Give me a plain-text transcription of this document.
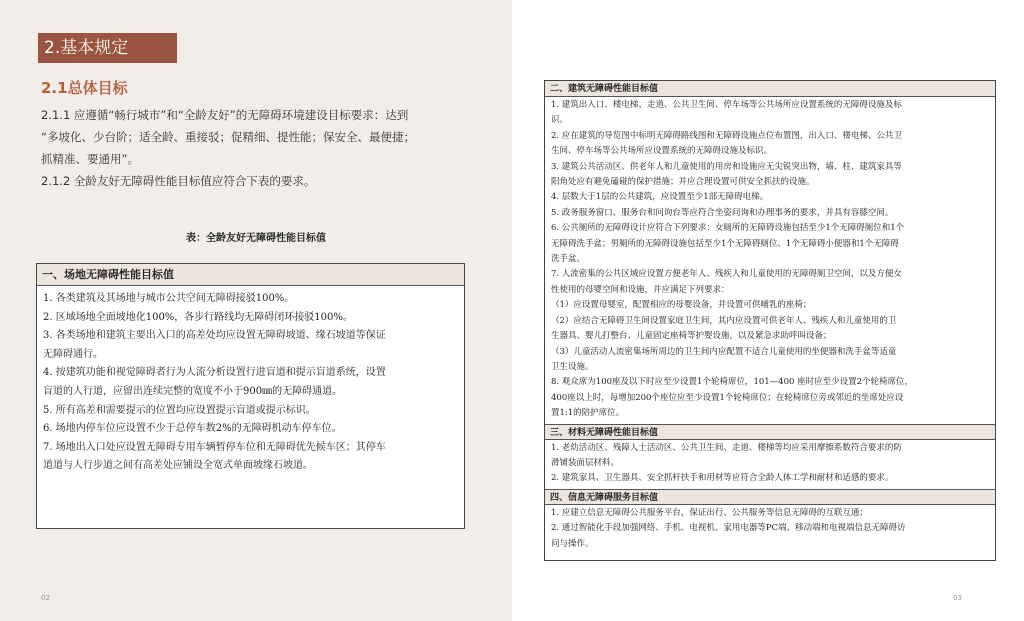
2.基本规定
2.1总体目标

2.1.1 应遵循“畅行城市”和“全龄友好”的无障碍环境建设目标要求：达到

“多坡化、少台阶；适全龄、重接驳；促精细、提性能；保安全、最便捷；

抓精准、要通用”。

2.1.2 全龄友好无障碍性能目标值应符合下表的要求。

表：全龄友好无障碍性能目标值
一、场地无障碍性能目标值
1. 各类建筑及其场地与城市公共空间无障碍接驳100%。
2. 区域场地全面坡地化100%，各步行路线均无障碍闭环接驳100%。
3. 各类场地和建筑主要出入口的高差处均应设置无障碍坡道、缘石坡道等保证
无障碍通行。
4. 按建筑功能和视觉障碍者行为人流分析设置行进盲道和提示盲道系统，设置
盲道的人行道，应留出连续完整的宽度不小于900㎜的无障碍通道。
5. 所有高差和需要提示的位置均应设置提示盲道或提示标识。
6. 场地内停车位应设置不少于总停车数2%的无障碍机动车停车位。
7. 场地出入口处应设置无障碍专用车辆暂停车位和无障碍优先候车区；其停车
道道与人行步道之间有高差处应铺设全宽式单面坡缘石坡道。
02	03
二、建筑无障碍性能目标值
1. 建筑出入口、楼电梯、走道、公共卫生间、停车场等公共场所应设置系统的无障碍设施及标
识。
2. 应在建筑的导览图中标明无障碍路线图和无障碍设施点位布置图，出入口、楼电梯、公共卫
生间、停车场等公共场所应设置系统的无障碍设施及标识。
3. 建筑公共活动区、供老年人和儿童使用的用房和设施应无尖锐突出物，墙、柱、建筑家具等
阳角处应有避免磕碰的保护措施；并应合理设置可供安全抓扶的设施。
4. 层数大于1层的公共建筑，应设置至少1部无障碍电梯。
5. 政务服务窗口、服务台和问询台等应符合坐姿问询和办理事务的要求，并具有容膝空间。
6. 公共厕所的无障碍设计应符合下列要求：女厕所的无障碍设施包括至少1个无障碍厕位和1个
无障碍洗手盆；男厕所的无障碍设施包括至少1个无障碍厕位、1个无障碍小便器和1个无障碍
洗手盆。
7. 人流密集的公共区域应设置方便老年人、残疾人和儿童使用的无障碍厕卫空间，以及方便女
性使用的母婴空间和设施，并应满足下列要求：
（1）应设置母婴室，配置相应的母婴设备，并设置可供哺乳的座椅；
（2）应结合无障碍卫生间设置家庭卫生间，其内应设置可供老年人、残疾人和儿童使用的卫
生器具、婴儿打整台、儿童固定座椅等护婴设施，以及紧急求助呼叫设备；
（3）儿童活动人流密集场所周边的卫生间内应配置不适合儿童使用的坐便器和洗手盆等适童
卫生设施。
8. 观众席为100座及以下时应至少设置1个轮椅席位，101—400 座时应至少设置2个轮椅席位，
400座以上时，每增加200个座位应至少设置1个轮椅席位；在轮椅席位旁或邻近的坐席处应设
置1:1的陪护席位。
三、材料无障碍性能目标值
1. 老幼活动区、残障人士活动区、公共卫生间、走道、楼梯等均应采用摩擦系数符合要求的防
滑铺装面层材料。
2. 建筑家具、卫生器具、安全抓杆扶手和用材等应符合全龄人体工学和耐材和适感的要求。
四、信息无障碍服务目标值
1. 应建立信息无障碍公共服务平台，保证出行、公共服务等信息无障碍的互联互通；
2. 通过智能化手段加强网络、手机、电视机、家用电器等PC端、移动端和电视端信息无障碍访
问与操作。
